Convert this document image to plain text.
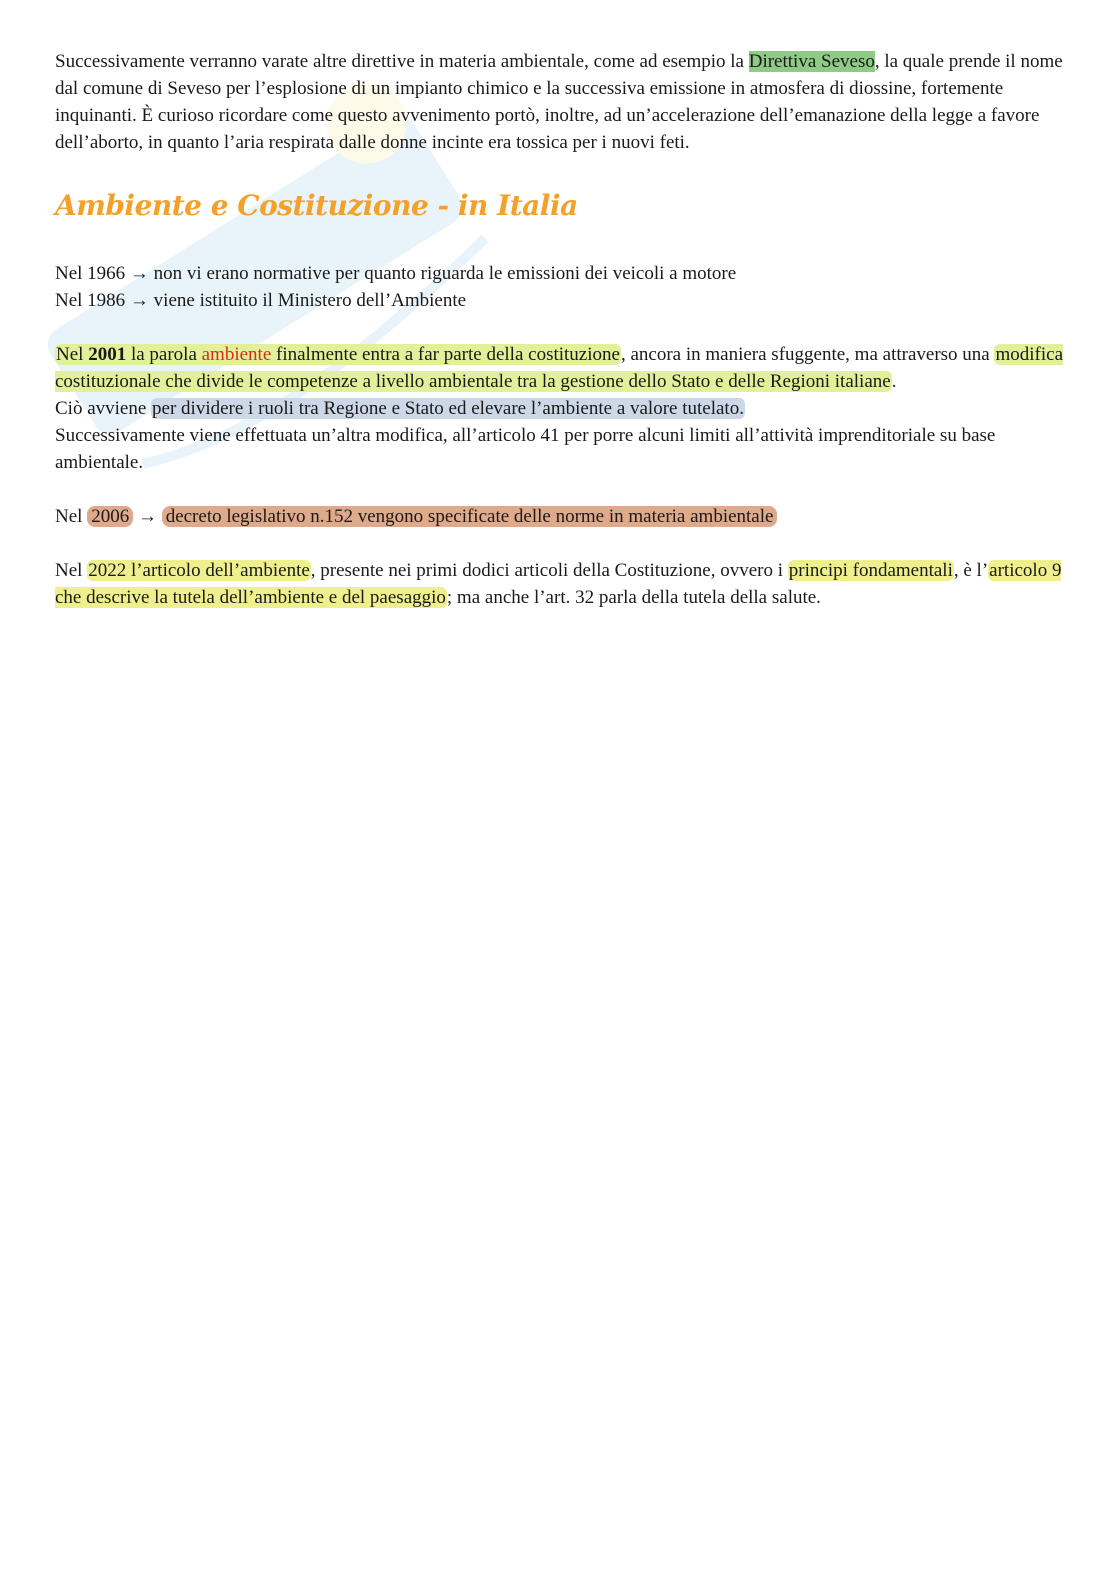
Successivamente verranno varate altre direttive in materia ambientale, come ad esempio la Direttiva Seveso, la quale prende il nome dal comune di Seveso per l’esplosione di un impianto chimico e la successiva emissione in atmosfera di diossine, fortemente inquinanti. È curioso ricordare come questo avvenimento portò, inoltre, ad un’accelerazione dell’emanazione della legge a favore dell’aborto, in quanto l’aria respirata dalle donne incinte era tossica per i nuovi feti.

Ambiente e Costituzione - in Italia

Nel 1966 → non vi erano normative per quanto riguarda le emissioni dei veicoli a motore

Nel 1986 → viene istituito il Ministero dell’Ambiente

Nel 2001 la parola ambiente finalmente entra a far parte della costituzione, ancora in maniera sfuggente, ma attraverso una modifica costituzionale che divide le competenze a livello ambientale tra la gestione dello Stato e delle Regioni italiane.

Ciò avviene per dividere i ruoli tra Regione e Stato ed elevare l’ambiente a valore tutelato.

Successivamente viene effettuata un’altra modifica, all’articolo 41 per porre alcuni limiti all’attività imprenditoriale su base ambientale.

Nel 2006 → decreto legislativo n.152 vengono specificate delle norme in materia ambientale

Nel 2022 l’articolo dell’ambiente, presente nei primi dodici articoli della Costituzione, ovvero i principi fondamentali, è l’articolo 9 che descrive la tutela dell’ambiente e del paesaggio; ma anche l’art. 32 parla della tutela della salute.
